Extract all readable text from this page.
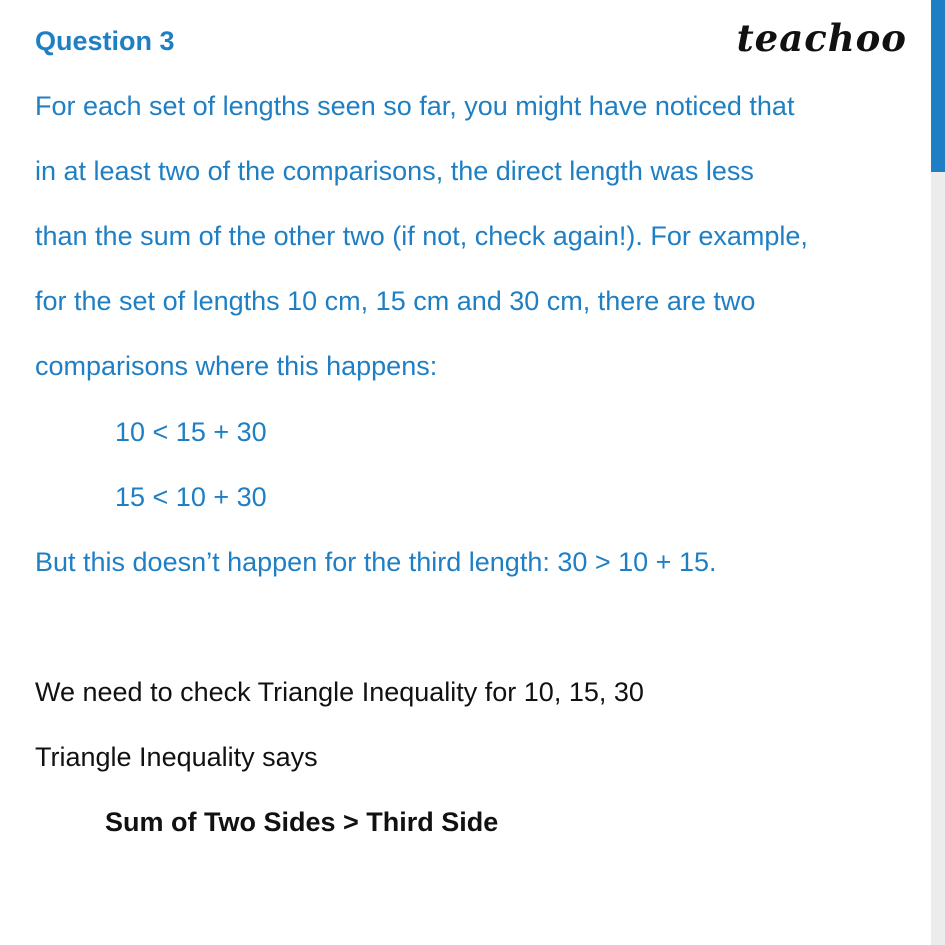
Question 3	teachoo
For each set of lengths seen so far, you might have noticed that
in at least two of the comparisons, the direct length was less
than the sum of the other two (if not, check again!). For example,
for the set of lengths 10 cm, 15 cm and 30 cm, there are two
comparisons where this happens:
10 < 15 + 30
15 < 10 + 30
But this doesn’t happen for the third length: 30 > 10 + 15.
We need to check Triangle Inequality for 10, 15, 30
Triangle Inequality says
Sum of Two Sides > Third Side
